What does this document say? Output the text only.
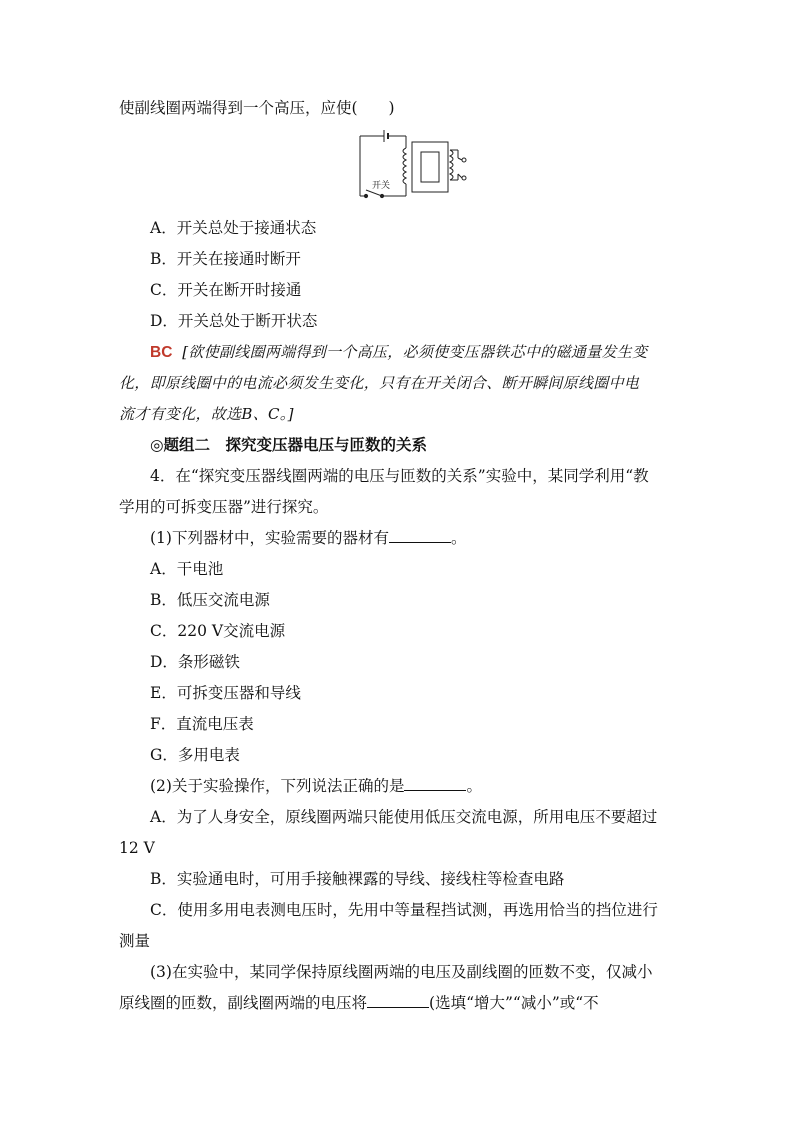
使副线圈两端得到一个高压，应使(　　)
开关
A．开关总处于接通状态
B．开关在接通时断开
C．开关在断开时接通
D．开关总处于断开状态
BC [欲使副线圈两端得到一个高压，必须使变压器铁芯中的磁通量发生变
化，即原线圈中的电流必须发生变化，只有在开关闭合、断开瞬间原线圈中电
流才有变化，故选B、C。]
◎题组二　探究变压器电压与匝数的关系
4．在“探究变压器线圈两端的电压与匝数的关系”实验中，某同学利用“教
学用的可拆变压器”进行探究。
(1)下列器材中，实验需要的器材有	。
A．干电池
B．低压交流电源
C．220 V交流电源
D．条形磁铁
E．可拆变压器和导线
F．直流电压表
G．多用电表
(2)关于实验操作，下列说法正确的是	。
A．为了人身安全，原线圈两端只能使用低压交流电源，所用电压不要超过
12 V
B．实验通电时，可用手接触裸露的导线、接线柱等检查电路
C．使用多用电表测电压时，先用中等量程挡试测，再选用恰当的挡位进行
测量
(3)在实验中，某同学保持原线圈两端的电压及副线圈的匝数不变，仅减小
原线圈的匝数，副线圈两端的电压将	(选填“增大”“减小”或“不
